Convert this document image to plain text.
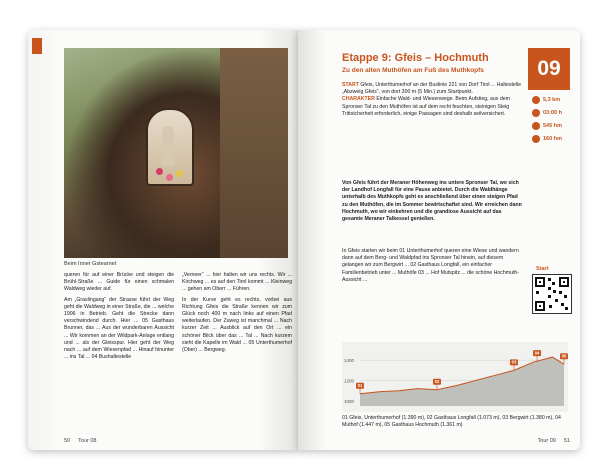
Beim Inner Gstearnet

queren für auf einer Brücke und steigen die Brühl-Straße ... Guide für einen schmalen Waldweg wieder auf.

Am „Graslingang“ der Strasse führt der Weg geht die Waldweg in einer Straße, die ... welche 1906 in Betrieb. Geht die Strecke dann verschwindend durch. Hier ... 05 Gasthaus Brunner, das ... Aus der wunderbaren Aussicht ... Wir kommen an der Wildpark-Anlage entlang und ... als der Gleisspur. Hier geht der Weg nach ... auf dem Wiesenpfad ... Hinauf hinunter ... ins Tal ... 04 Bushaltestelle

„Verneer“ ... hier halten wir uns rechts. Wir ... Kirchweg ... es auf den Tirol kommt ... Kleinweg ... gehen am Oberr ... Führen.

In der Kurve geht es rechts, vorbei aus Richtung Gfeis die Straße kennen wir zum Glück noch 400 m nach links auf einen Pfad weiterlaufen. Der Zuweg ist manchmal ... Nach kurzer Zeit ... Ausblick auf den Ort ... ein schöner Blick über das ... Tal ... Nach kurzem sieht die Kapelle im Wald ... 05 Unterthumerhof (Ober) ... Bergweg.

50 Tour 08
Etappe 9: Gfeis – Hochmuth
Zu den alten Muthöfen am Fuß des Muthkopfs	09
START Gfeis, Unterthumerhof an der Buslinie 221 von Dorf Tirol ... Haltestelle „Abzweig Gfeis“, von dort 300 m (5 Min.) zum Startpunkt.
CHARAKTER Einfache Wald- und Wiesenwege. Beim Aufstieg, aus dem Spronser Tal zu den Muthöfen ist auf dem recht feuchten, steinigen Steig Trittsicherheit erforderlich, einige Passagen sind deshalb seilversichert.
5,3 km
03:00 h
545 hm
160 hm
Von Gfeis führt der Meraner Höhenweg ins untere Spronser Tal, wo sich der Landhof Longfall für eine Pause anbietet. Durch die Waldhänge unterhalb des Muthkopfs geht es anschließend über einen steigen Pfad zu den Muthöfen, die im Sommer bewirtschaftet sind. Wir erreichen dann Hochmuth, wo wir einkehren und die grandiose Aussicht auf das gesamte Meraner Talkessel genießen.
In Gfeis starten wir beim 01 Unterthumerhof queren eine Wiese und wandern dann auf dem Berg- und Waldpfad ins Spronser Tal hinein, auf diesem gelangen wir zum Bergwirt ... 02 Gasthaus Longfall, ein einfacher Familienbetrieb unter ... Muthöfe 03 ... Hof Mutspitz ... die schöne Hochmuth-Aussicht ...
Start
1400
1200
1000
01
02
03
04
05
01 Gfeis, Unterthumerhof (1.390 m), 02 Gasthaus Longfall (1.073 m), 03 Bergwirt (1.380 m), 04 Muthof (1.447 m), 05 Gasthaus Hochmuth (1.361 m)
Tour 09 51
